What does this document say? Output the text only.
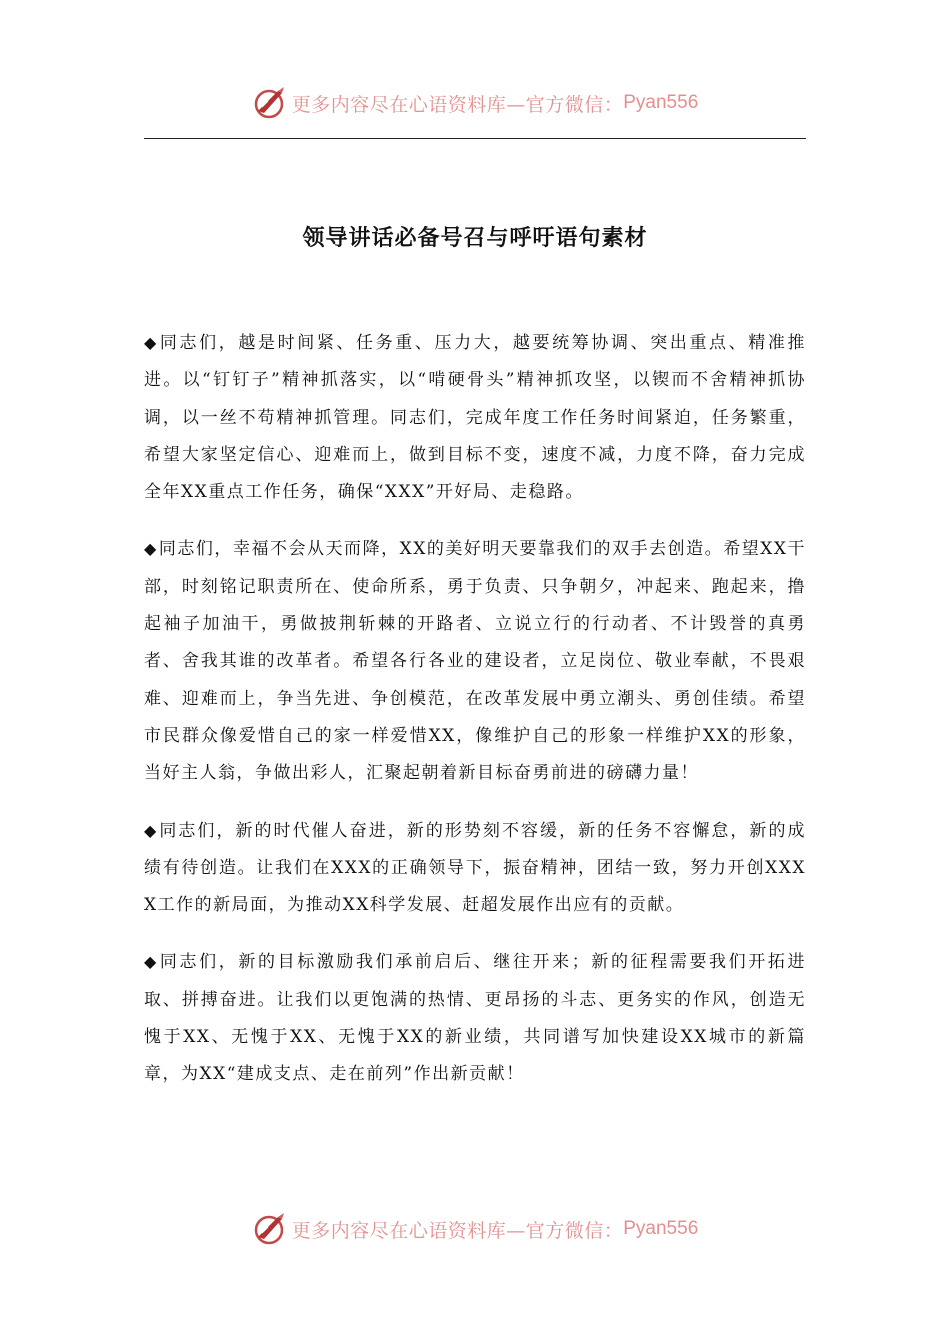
更多内容尽在心语资料库—官方微信： Pyan556
领导讲话必备号召与呼吁语句素材

◆同志们，越是时间紧、任务重、压力大，越要统筹协调、突出重点、精准推进。以“钉钉子”精神抓落实，以“啃硬骨头”精神抓攻坚，以锲而不舍精神抓协调，以一丝不苟精神抓管理。同志们，完成年度工作任务时间紧迫，任务繁重，希望大家坚定信心、迎难而上，做到目标不变，速度不减，力度不降，奋力完成全年XX重点工作任务，确保“XXX”开好局、走稳路。

◆同志们，幸福不会从天而降，XX的美好明天要靠我们的双手去创造。希望XX干部，时刻铭记职责所在、使命所系，勇于负责、只争朝夕，冲起来、跑起来，撸起袖子加油干，勇做披荆斩棘的开路者、立说立行的行动者、不计毁誉的真勇者、舍我其谁的改革者。希望各行各业的建设者，立足岗位、敬业奉献，不畏艰难、迎难而上，争当先进、争创模范，在改革发展中勇立潮头、勇创佳绩。希望市民群众像爱惜自己的家一样爱惜XX，像维护自己的形象一样维护XX的形象，当好主人翁，争做出彩人，汇聚起朝着新目标奋勇前进的磅礴力量！

◆同志们，新的时代催人奋进，新的形势刻不容缓，新的任务不容懈怠，新的成绩有待创造。让我们在XXX的正确领导下，振奋精神，团结一致，努力开创XXXX工作的新局面，为推动XX科学发展、赶超发展作出应有的贡献。

◆同志们，新的目标激励我们承前启后、继往开来；新的征程需要我们开拓进取、拼搏奋进。让我们以更饱满的热情、更昂扬的斗志、更务实的作风，创造无愧于XX、无愧于XX、无愧于XX的新业绩，共同谱写加快建设XX城市的新篇章，为XX“建成支点、走在前列”作出新贡献！

更多内容尽在心语资料库—官方微信： Pyan556
